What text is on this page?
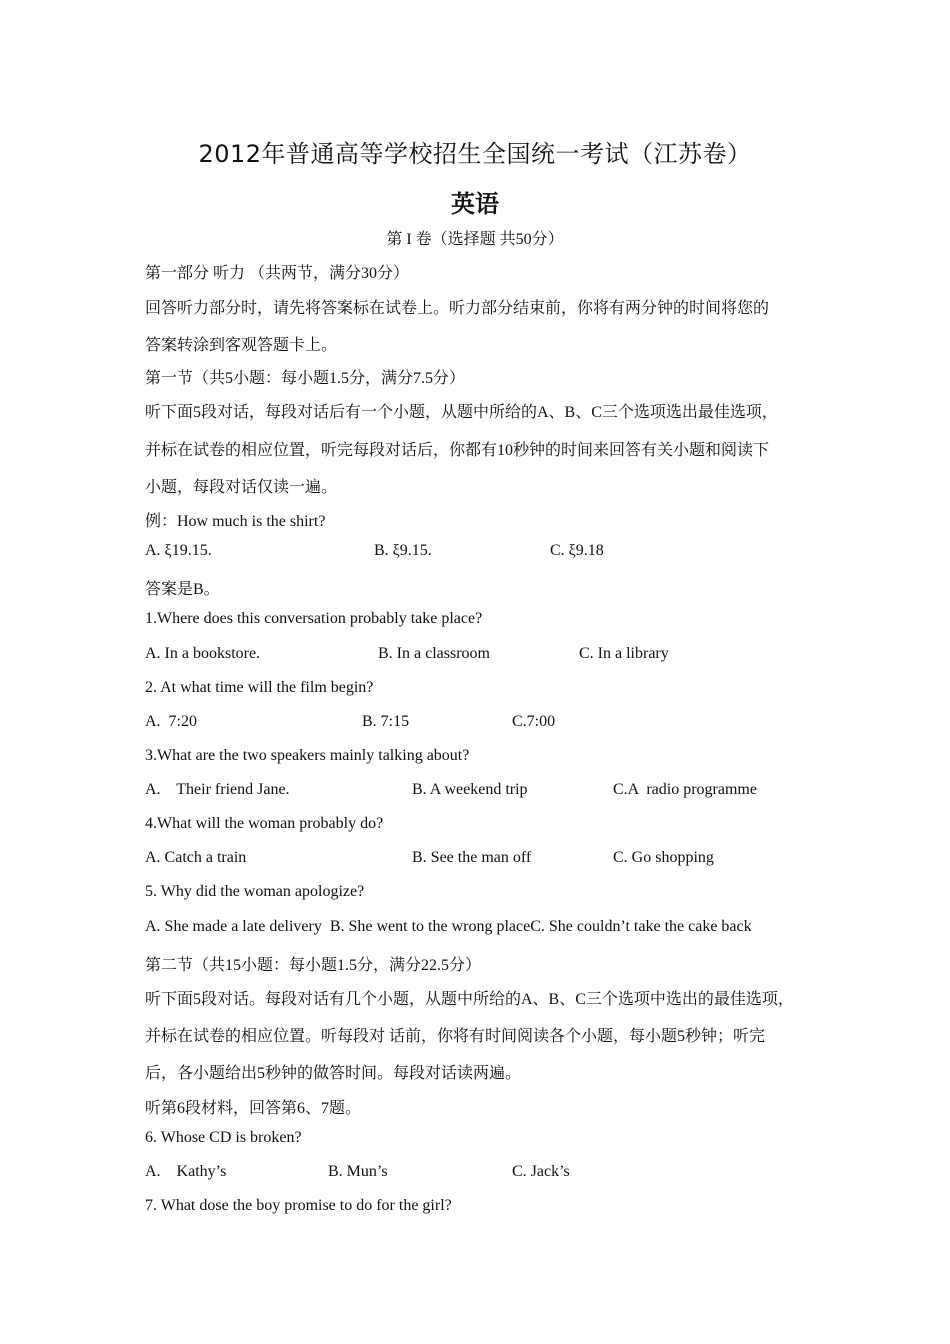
2012年普通高等学校招生全国统一考试（江苏卷）
英语
第 I 卷（选择题 共50分）
第一部分 听力 （共两节，满分30分）
回答听力部分时，请先将答案标在试卷上。听力部分结束前，你将有两分钟的时间将您的
答案转涂到客观答题卡上。
第一节（共5小题：每小题1.5分，满分7.5分）
听下面5段对话，每段对话后有一个小题，从题中所给的A、B、C三个选项选出最佳选项，
并标在试卷的相应位置，听完每段对话后，你都有10秒钟的时间来回答有关小题和阅读下
小题，每段对话仅读一遍。
例：How much is the shirt?
A. ξ19.15.	B. ξ9.15.	C. ξ9.18
答案是B。
1.Where does this conversation probably take place?
A. In a bookstore.	B. In a classroom	C. In a library
2. At what time will the film begin?
A.  7:20	B. 7:15	C.7:00
3.What are the two speakers mainly talking about?
A.    Their friend Jane.	B. A weekend trip	C.A  radio programme
4.What will the woman probably do?
A. Catch a train	B. See the man off	C. Go shopping
5. Why did the woman apologize?
A. She made a late delivery  B. She went to the wrong placeC. She couldn’t take the cake back
第二节（共15小题：每小题1.5分，满分22.5分）
听下面5段对话。每段对话有几个小题，从题中所给的A、B、C三个选项中选出的最佳选项，
并标在试卷的相应位置。听每段对 话前，你将有时间阅读各个小题，每小题5秒钟；听完
后，各小题给出5秒钟的做答时间。每段对话读两遍。
听第6段材料，回答第6、7题。
6. Whose CD is broken?
A.    Kathy’s	B. Mun’s	C. Jack’s
7. What dose the boy promise to do for the girl?
